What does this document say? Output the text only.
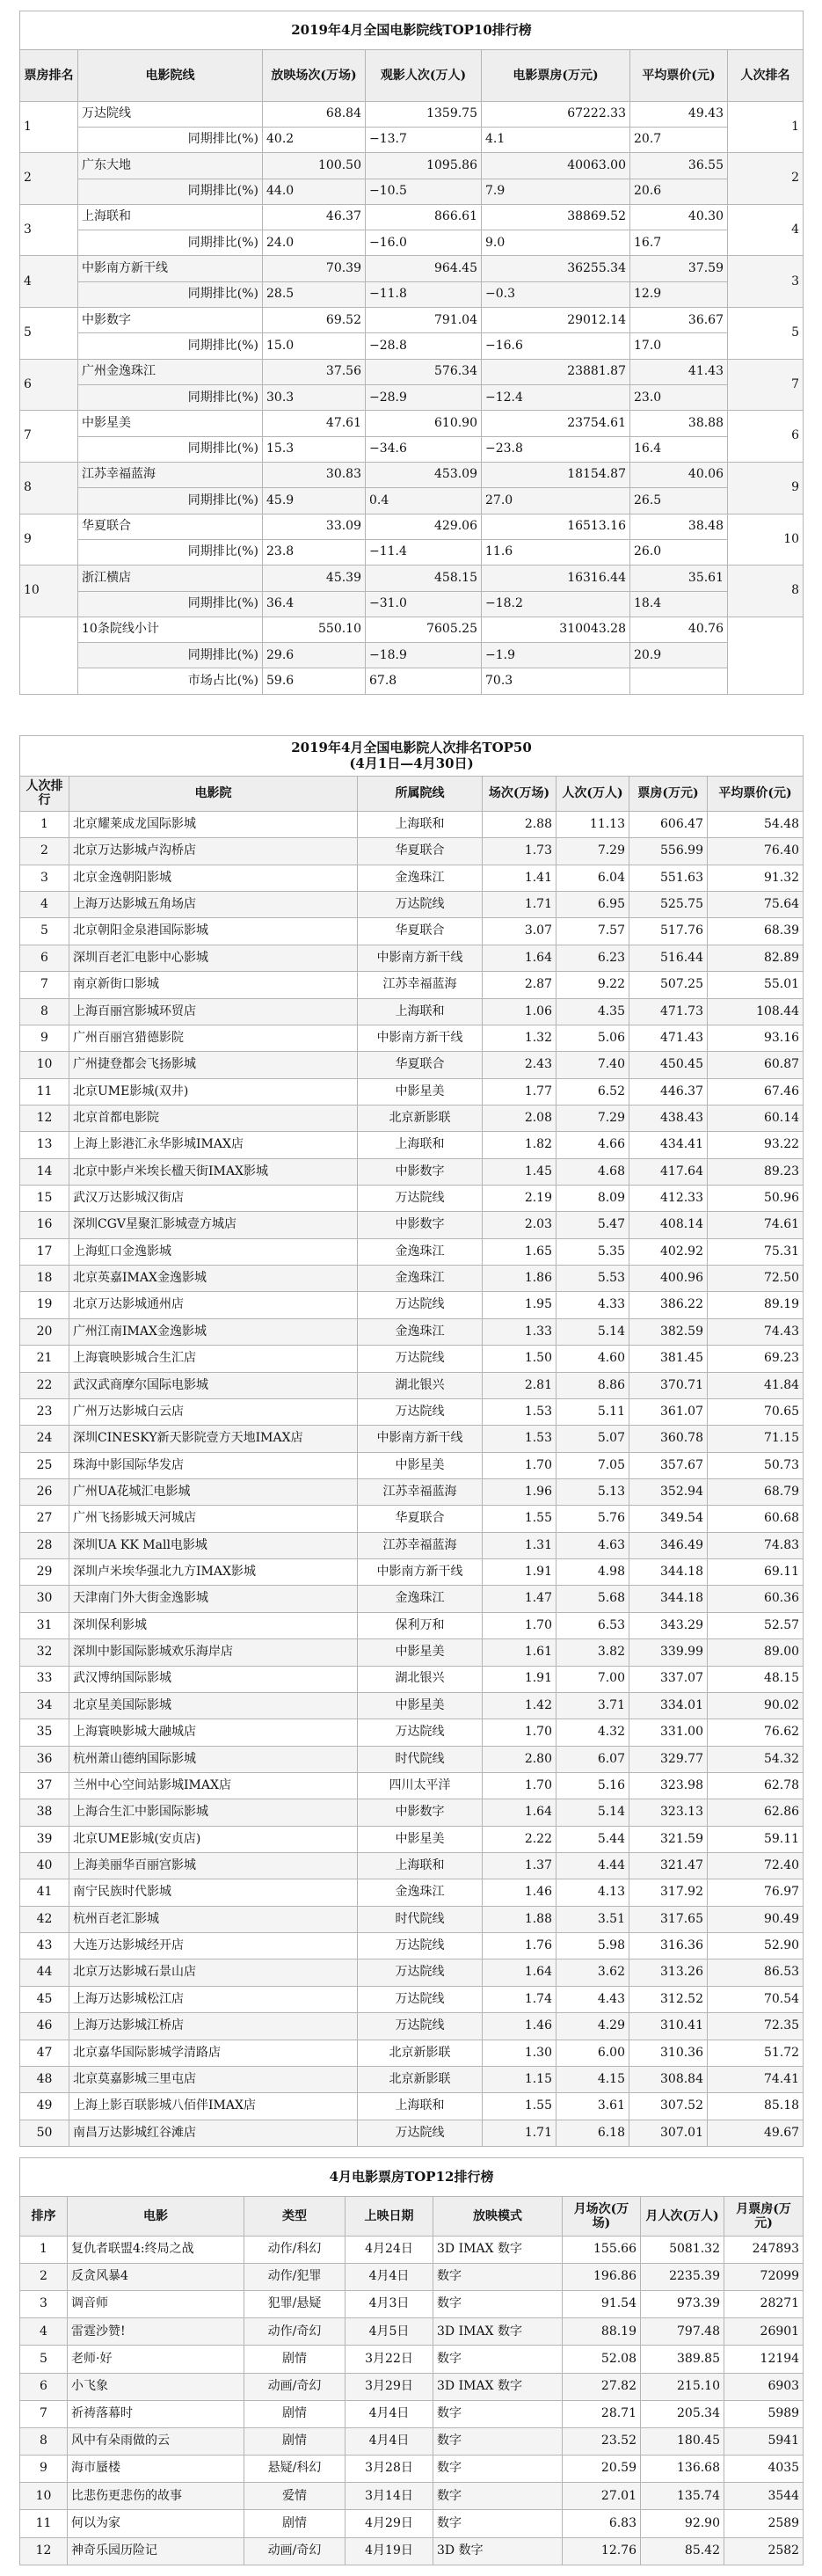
2019年4月全国电影院线TOP10排行榜						
票房排名	电影院线	放映场次(万场)	观影人次(万人)	电影票房(万元)	平均票价(元)	人次排名
1	万达院线	68.84	1359.75	67222.33	49.43	1
	同期排比(%)	40.2	−13.7	4.1	20.7	
2	广东大地	100.50	1095.86	40063.00	36.55	2
	同期排比(%)	44.0	−10.5	7.9	20.6	
3	上海联和	46.37	866.61	38869.52	40.30	4
	同期排比(%)	24.0	−16.0	9.0	16.7	
4	中影南方新干线	70.39	964.45	36255.34	37.59	3
	同期排比(%)	28.5	−11.8	−0.3	12.9	
5	中影数字	69.52	791.04	29012.14	36.67	5
	同期排比(%)	15.0	−28.8	−16.6	17.0	
6	广州金逸珠江	37.56	576.34	23881.87	41.43	7
	同期排比(%)	30.3	−28.9	−12.4	23.0	
7	中影星美	47.61	610.90	23754.61	38.88	6
	同期排比(%)	15.3	−34.6	−23.8	16.4	
8	江苏幸福蓝海	30.83	453.09	18154.87	40.06	9
	同期排比(%)	45.9	0.4	27.0	26.5	
9	华夏联合	33.09	429.06	16513.16	38.48	10
	同期排比(%)	23.8	−11.4	11.6	26.0	
10	浙江横店	45.39	458.15	16316.44	35.61	8
	同期排比(%)	36.4	−31.0	−18.2	18.4	
	10条院线小计	550.10	7605.25	310043.28	40.76	
	同期排比(%)	29.6	−18.9	−1.9	20.9	
	市场占比(%)	59.6	67.8	70.3		
2019年4月全国电影院人次排名TOP50
(4月1日—4月30日)						

人次排行	电影院	所属院线	场次(万场)	人次(万人)	票房(万元)	平均票价(元)
1	北京耀莱成龙国际影城	上海联和	2.88	11.13	606.47	54.48
2	北京万达影城卢沟桥店	华夏联合	1.73	7.29	556.99	76.40
3	北京金逸朝阳影城	金逸珠江	1.41	6.04	551.63	91.32
4	上海万达影城五角场店	万达院线	1.71	6.95	525.75	75.64
5	北京朝阳金泉港国际影城	华夏联合	3.07	7.57	517.76	68.39
6	深圳百老汇电影中心影城	中影南方新干线	1.64	6.23	516.44	82.89
7	南京新街口影城	江苏幸福蓝海	2.87	9.22	507.25	55.01
8	上海百丽宫影城环贸店	上海联和	1.06	4.35	471.73	108.44
9	广州百丽宫猎德影院	中影南方新干线	1.32	5.06	471.43	93.16
10	广州捷登都会飞扬影城	华夏联合	2.43	7.40	450.45	60.87
11	北京UME影城(双井)	中影星美	1.77	6.52	446.37	67.46
12	北京首都电影院	北京新影联	2.08	7.29	438.43	60.14
13	上海上影港汇永华影城IMAX店	上海联和	1.82	4.66	434.41	93.22
14	北京中影卢米埃长楹天街IMAX影城	中影数字	1.45	4.68	417.64	89.23
15	武汉万达影城汉街店	万达院线	2.19	8.09	412.33	50.96
16	深圳CGV星聚汇影城壹方城店	中影数字	2.03	5.47	408.14	74.61
17	上海虹口金逸影城	金逸珠江	1.65	5.35	402.92	75.31
18	北京英嘉IMAX金逸影城	金逸珠江	1.86	5.53	400.96	72.50
19	北京万达影城通州店	万达院线	1.95	4.33	386.22	89.19
20	广州江南IMAX金逸影城	金逸珠江	1.33	5.14	382.59	74.43
21	上海寰映影城合生汇店	万达院线	1.50	4.60	381.45	69.23
22	武汉武商摩尔国际电影城	湖北银兴	2.81	8.86	370.71	41.84
23	广州万达影城白云店	万达院线	1.53	5.11	361.07	70.65
24	深圳CINESKY新天影院壹方天地IMAX店	中影南方新干线	1.53	5.07	360.78	71.15
25	珠海中影国际华发店	中影星美	1.70	7.05	357.67	50.73
26	广州UA花城汇电影城	江苏幸福蓝海	1.96	5.13	352.94	68.79
27	广州飞扬影城天河城店	华夏联合	1.55	5.76	349.54	60.68
28	深圳UA KK Mall电影城	江苏幸福蓝海	1.31	4.63	346.49	74.83
29	深圳卢米埃华强北九方IMAX影城	中影南方新干线	1.91	4.98	344.18	69.11
30	天津南门外大街金逸影城	金逸珠江	1.47	5.68	344.18	60.36
31	深圳保利影城	保利万和	1.70	6.53	343.29	52.57
32	深圳中影国际影城欢乐海岸店	中影星美	1.61	3.82	339.99	89.00
33	武汉博纳国际影城	湖北银兴	1.91	7.00	337.07	48.15
34	北京星美国际影城	中影星美	1.42	3.71	334.01	90.02
35	上海寰映影城大融城店	万达院线	1.70	4.32	331.00	76.62
36	杭州萧山德纳国际影城	时代院线	2.80	6.07	329.77	54.32
37	兰州中心空间站影城IMAX店	四川太平洋	1.70	5.16	323.98	62.78
38	上海合生汇中影国际影城	中影数字	1.64	5.14	323.13	62.86
39	北京UME影城(安贞店)	中影星美	2.22	5.44	321.59	59.11
40	上海美丽华百丽宫影城	上海联和	1.37	4.44	321.47	72.40
41	南宁民族时代影城	金逸珠江	1.46	4.13	317.92	76.97
42	杭州百老汇影城	时代院线	1.88	3.51	317.65	90.49
43	大连万达影城经开店	万达院线	1.76	5.98	316.36	52.90
44	北京万达影城石景山店	万达院线	1.64	3.62	313.26	86.53
45	上海万达影城松江店	万达院线	1.74	4.43	312.52	70.54
46	上海万达影城江桥店	万达院线	1.46	4.29	310.41	72.35
47	北京嘉华国际影城学清路店	北京新影联	1.30	6.00	310.36	51.72
48	北京莫嘉影城三里屯店	北京新影联	1.15	4.15	308.84	74.41
49	上海上影百联影城八佰伴IMAX店	上海联和	1.55	3.61	307.52	85.18
50	南昌万达影城红谷滩店	万达院线	1.71	6.18	307.01	49.67
4月电影票房TOP12排行榜							
排序	电影	类型	上映日期	放映模式	月场次(万场)	月人次(万人)	月票房(万元)
1	复仇者联盟4:终局之战	动作/科幻	4月24日	3D IMAX 数字	155.66	5081.32	247893
2	反贪风暴4	动作/犯罪	4月4日	数字	196.86	2235.39	72099
3	调音师	犯罪/悬疑	4月3日	数字	91.54	973.39	28271
4	雷霆沙赞!	动作/奇幻	4月5日	3D IMAX 数字	88.19	797.48	26901
5	老师·好	剧情	3月22日	数字	52.08	389.85	12194
6	小飞象	动画/奇幻	3月29日	3D IMAX 数字	27.82	215.10	6903
7	祈祷落幕时	剧情	4月4日	数字	28.71	205.34	5989
8	风中有朵雨做的云	剧情	4月4日	数字	23.52	180.45	5941
9	海市蜃楼	悬疑/科幻	3月28日	数字	20.59	136.68	4035
10	比悲伤更悲伤的故事	爱情	3月14日	数字	27.01	135.74	3544
11	何以为家	剧情	4月29日	数字	6.83	92.90	2589
12	神奇乐园历险记	动画/奇幻	4月19日	3D 数字	12.76	85.42	2582
